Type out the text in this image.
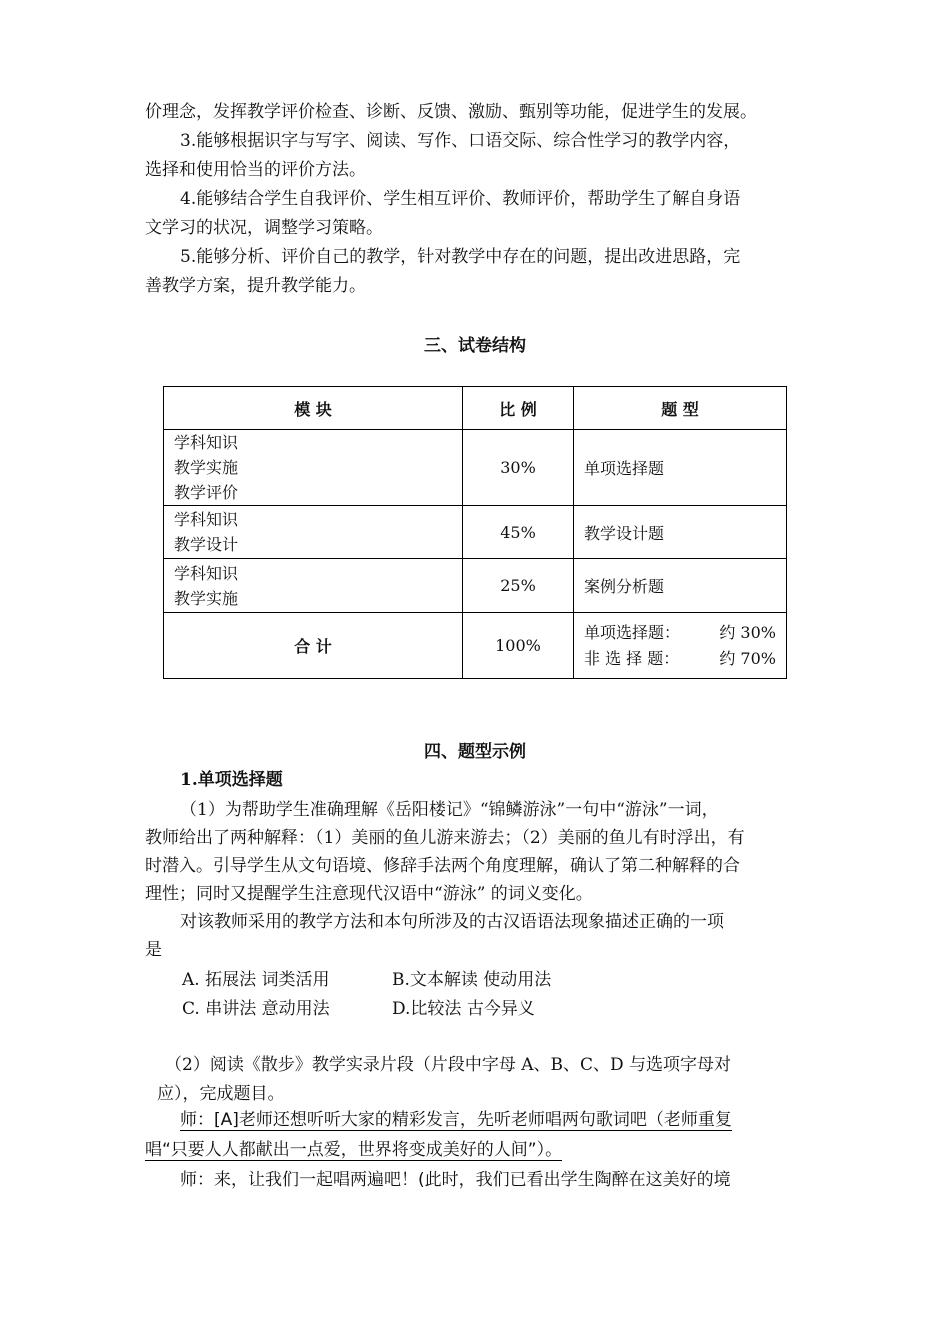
价理念，发挥教学评价检查、诊断、反馈、激励、甄别等功能，促进学生的发展。
3.能够根据识字与写字、阅读、写作、口语交际、综合性学习的教学内容，
选择和使用恰当的评价方法。
4.能够结合学生自我评价、学生相互评价、教师评价，帮助学生了解自身语
文学习的状况，调整学习策略。
5.能够分析、评价自己的教学，针对教学中存在的问题，提出改进思路，完
善教学方案，提升教学能力。
三、试卷结构
模 块	比 例	题 型

学科知识
教学实施
教学评价	30%	单项选择题

学科知识
教学设计	45%	教学设计题

学科知识
教学实施	25%	案例分析题
合 计	100%	单项选择题： 约 30%
非 选 择 题： 约 70%
四、题型示例
1.单项选择题
（1）为帮助学生准确理解《岳阳楼记》“锦鳞游泳”一句中“游泳”一词，
教师给出了两种解释：（1）美丽的鱼儿游来游去；（2）美丽的鱼儿有时浮出，有
时潜入。引导学生从文句语境、修辞手法两个角度理解，确认了第二种解释的合
理性；同时又提醒学生注意现代汉语中“游泳” 的词义变化。
对该教师采用的教学方法和本句所涉及的古汉语语法现象描述正确的一项
是
A. 拓展法 词类活用	B.文本解读 使动用法
C. 串讲法 意动用法	D.比较法 古今异义
（2）阅读《散步》教学实录片段（片段中字母 A、B、C、D 与选项字母对
应），完成题目。
师：[A]老师还想听听大家的精彩发言，先听老师唱两句歌词吧（老师重复
唱“只要人人都献出一点爱，世界将变成美好的人间”）。
师：来，让我们一起唱两遍吧！(此时，我们已看出学生陶醉在这美好的境
